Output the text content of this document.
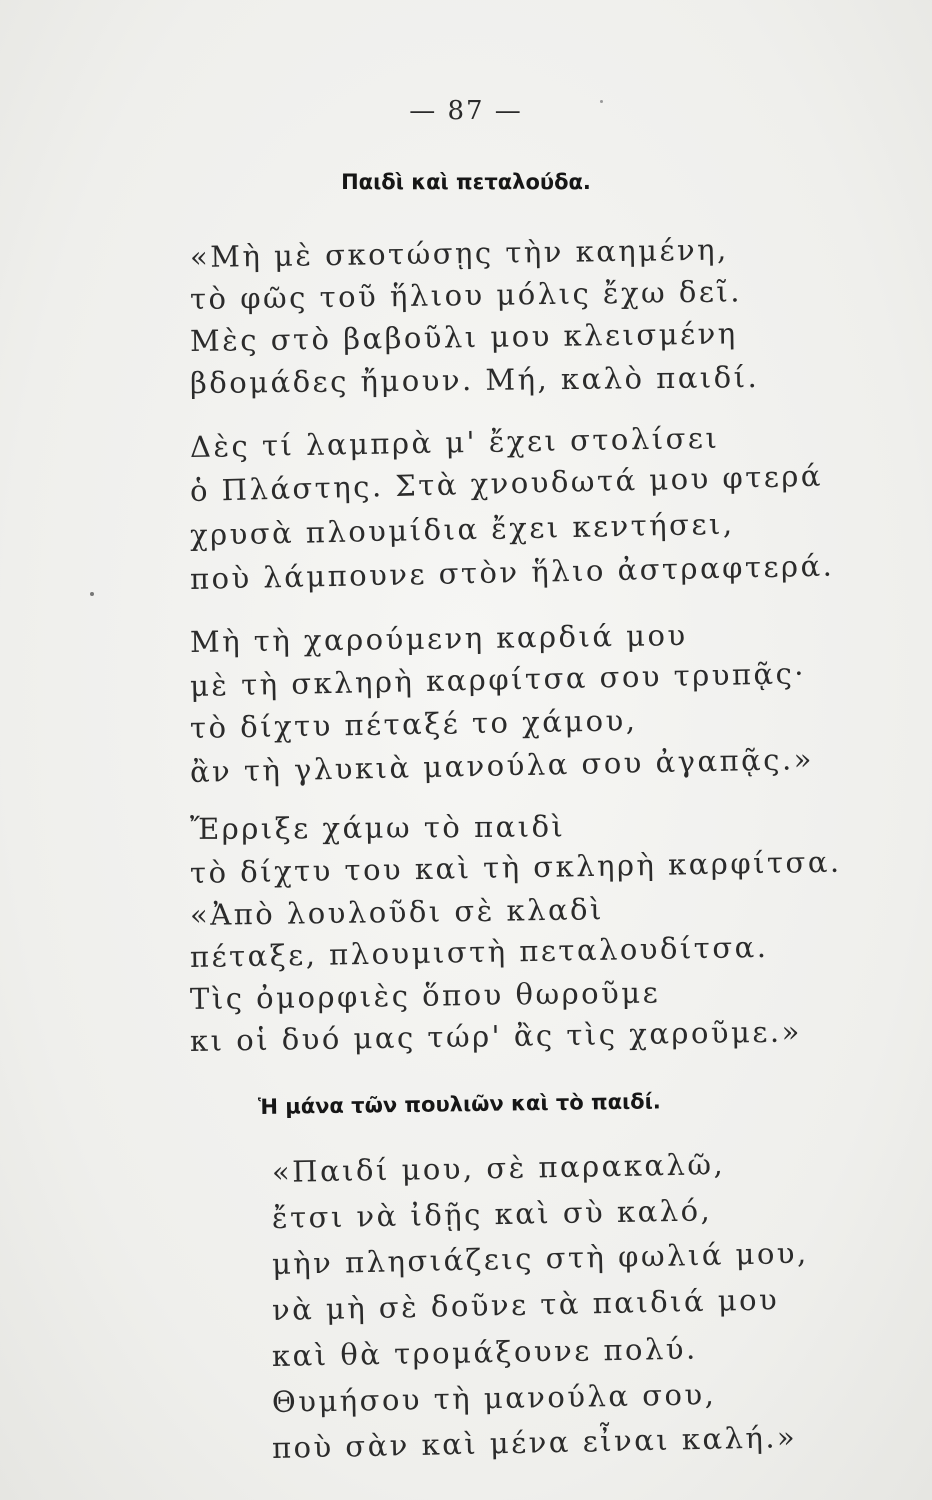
— 87 —
Παιδὶ καὶ πεταλούδα.
«Μὴ μὲ σκοτώσῃς τὴν καημένη,
τὸ φῶς τοῦ ἥλιου μόλις ἔχω δεῖ.
Μὲς στὸ βαβοῦλι μου κλεισμένη
βδομάδες ἤμουν. Μή, καλὸ παιδί.
Δὲς τί λαμπρὰ μ' ἔχει στολίσει
ὁ Πλάστης. Στὰ χνουδωτά μου φτερά
χρυσὰ πλουμίδια ἔχει κεντήσει,
ποὺ λάμπουνε στὸν ἥλιο ἀστραφτερά.
Μὴ τὴ χαρούμενη καρδιά μου
μὲ τὴ σκληρὴ καρφίτσα σου τρυπᾷς·
τὸ δίχτυ πέταξέ το χάμου,
ἂν τὴ γλυκιὰ μανούλα σου ἀγαπᾷς.»
Ἔρριξε χάμω τὸ παιδὶ
τὸ δίχτυ του καὶ τὴ σκληρὴ καρφίτσα.
«Ἀπὸ λουλοῦδι σὲ κλαδὶ
πέταξε, πλουμιστὴ πεταλουδίτσα.
Τὶς ὀμορφιὲς ὅπου θωροῦμε
κι οἱ δυό μας τώρ' ἂς τὶς χαροῦμε.»
Ἡ μάνα τῶν πουλιῶν καὶ τὸ παιδί.
«Παιδί μου, σὲ παρακαλῶ,
ἔτσι νὰ ἰδῇς καὶ σὺ καλό,
μὴν πλησιάζεις στὴ φωλιά μου,
νὰ μὴ σὲ δοῦνε τὰ παιδιά μου
καὶ θὰ τρομάξουνε πολύ.
Θυμήσου τὴ μανούλα σου,
ποὺ σὰν καὶ μένα εἶναι καλή.»
